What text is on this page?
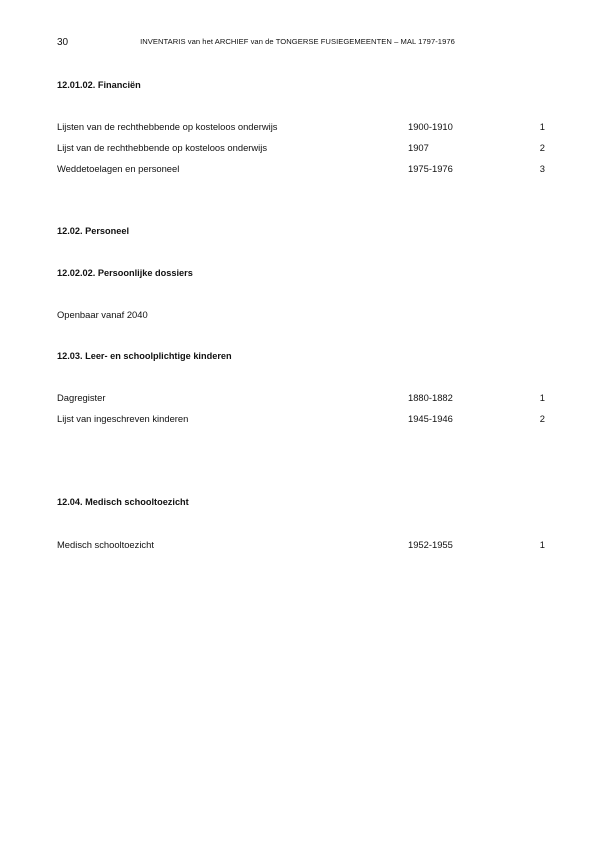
30	INVENTARIS van het ARCHIEF van de TONGERSE FUSIEGEMEENTEN – MAL 1797-1976
12.01.02. Financiën
Lijsten van de rechthebbende op kosteloos onderwijs	1900-1910	1
Lijst van de rechthebbende op kosteloos onderwijs	1907	2
Weddetoelagen en personeel	1975-1976	3
12.02. Personeel
12.02.02. Persoonlijke dossiers
Openbaar vanaf 2040
12.03. Leer- en schoolplichtige kinderen
Dagregister	1880-1882	1
Lijst van ingeschreven kinderen	1945-1946	2
12.04. Medisch schooltoezicht
Medisch schooltoezicht	1952-1955	1
